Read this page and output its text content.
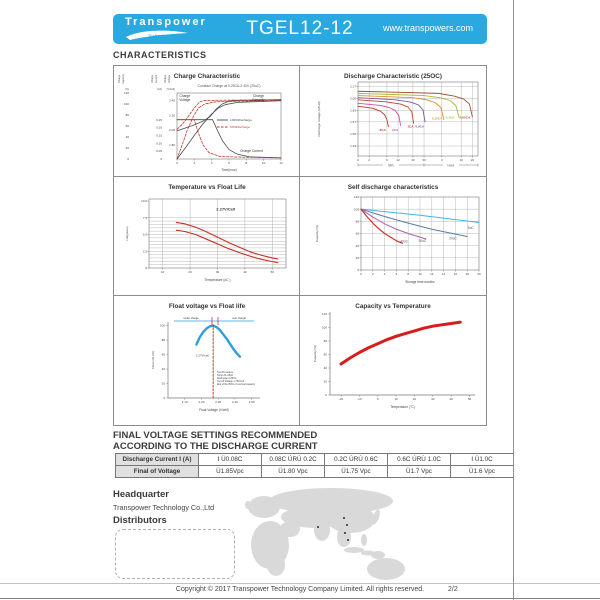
Transpower
Technology	TGEL12-12	www.transpowers.com
CHARACTERISTICS
0	2	4	6	8	10	12
Time(hour)
0
20
40
60
80
100
120
Charge Capacity
(%)
0
0.05
0.10
0.15
0.20
0.25
Charge Current
(CA)
1.80
2.00
2.20
2.40
Charge Voltage
(V/Cell)
Charge Voltage
Charge Capacity
Charge Current
100%Discharge
50%Discharge
Charge Characteristic
Constant Charge at 0.25CA-2.40V (25oC)
0	2	6	12	30	60	3	10	20
1.33
1.50
1.67
1.83
2.00
2.17
Discharge Voltage (V/Cell)	3CA 2CA
1CA 0.5CA
0.25CA 0.1CA 0.05CA
Min	Hour
Discharge Characteristic (25OC)
10	20	30	40	50
Temperature (oC )
0
2.5
5.0
7.5
10.0
Life(years)
2.27V/Cell
Temperature vs Float Life
0	2	4	6	8	10	12	14	16	18	20
Storage time:months
0
20
40
60
80
100
120
Capacity (%)	40oC	30oC
20oC
5oC
Self discharge characteristics
2.10	2.20	2.30	2.40	2.50
Float Voltage (V/cell)
0
20
40
60
80
100
Float Life (%)	2.27V/cell
under charge	over charge
Test Procedure
Temp 20~25oC
Discharge 0.25CA
Cut-off Voltage 1.75V/cell
End of life=60% of nominal capacity
Float voltage vs Float life
-20	-10	0	10	20	30	40	50
Temperature (°C)
0
20
40
60
80
100
120
Capacity (%)
Capacity vs Temperature
FINAL VOLTAGE SETTINGS RECOMMENDED
ACCORDING TO THE DISCHARGE CURRENT
Discharge Current I (A)	Ⅰ Ü0.08C	0.08C ÚRÙ 0.2C	0.2C ÚRÙ 0.6C	0.6C ÚRÙ 1.0C	Ⅰ Ü1.0C
Final of Voltage	Ü1.85Vpc	Ü1.80 Vpc	Ü1.75 Vpc	Ü1.7 Vpc	Ü1.6 Vpc
Headquarter
Transpower Technology Co.,Ltd
Distributors
Copyright © 2017 Transpower Technology Company Limited. All rights reserved.	2/2
